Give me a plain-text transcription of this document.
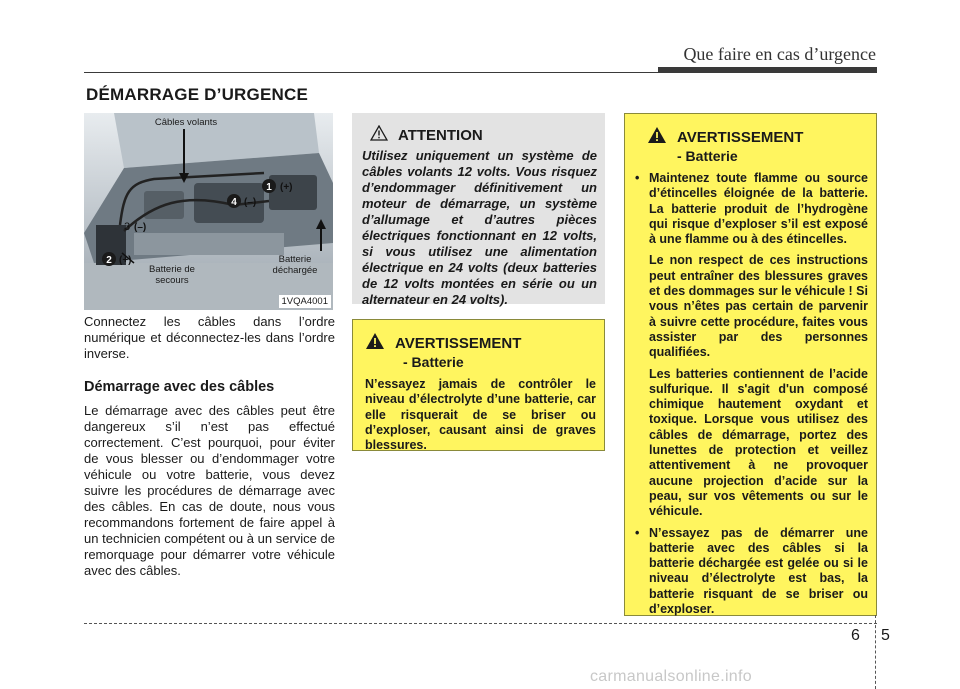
Que faire en cas d’urgence
DÉMARRAGE D’URGENCE
1 (+)
4 (–)
3 (–)
2 (+)
Câbles volants
Batterie de secours
Batterie déchargée
1VQA4001
Connectez les câbles dans l’ordre numérique et déconnectez-les dans l’ordre inverse.
Démarrage avec des câbles
Le démarrage avec des câbles peut être dangereux s’il n’est pas effectué correctement. C’est pourquoi, pour éviter de vous blesser ou d’endommager votre véhicule ou votre batterie, vous devez suivre les procédures de démarrage avec des câbles. En cas de doute, nous vous recommandons fortement de faire appel à un technicien compétent ou à un service de remorquage pour démarrer votre véhicule avec des câbles.
ATTENTION
Utilisez uniquement un système de câbles volants 12 volts. Vous risquez d’endommager définitivement un moteur de démarrage, un système d’allumage et d’autres pièces électriques fonctionnant en 12 volts, si vous utilisez une alimentation électrique en 24 volts (deux batteries de 12 volts montées en série ou un alternateur en 24 volts).
AVERTISSEMENT
- Batterie
N’essayez jamais de contrôler le niveau d’électrolyte d’une batterie, car elle risquerait de se briser ou d’exploser, causant ainsi de graves blessures.
AVERTISSEMENT
- Batterie
• Maintenez toute flamme ou source d’étincelles éloignée de la batterie. La batterie produit de l’hydrogène qui risque d’exploser s’il est exposé à une flamme ou à des étincelles.

Le non respect de ces instructions peut entraîner des blessures graves et des dommages sur le véhicule ! Si vous n’êtes pas certain de parvenir à suivre cette procédure, faites vous assister par des personnes qualifiées.

Les batteries contiennent de l’acide sulfurique. Il s'agit d'un composé chimique hautement oxydant et toxique. Lorsque vous utilisez des câbles de démarrage, portez des lunettes de protection et veillez attentivement à ne provoquer aucune projection d’acide sur la peau, sur vos vêtements ou sur le véhicule.

• N’essayez pas de démarrer une batterie avec des câbles si la batterie déchargée est gelée ou si le niveau d’électrolyte est bas, la batterie risquant de se briser ou d’exploser.

6 5
carmanualsonline.info
